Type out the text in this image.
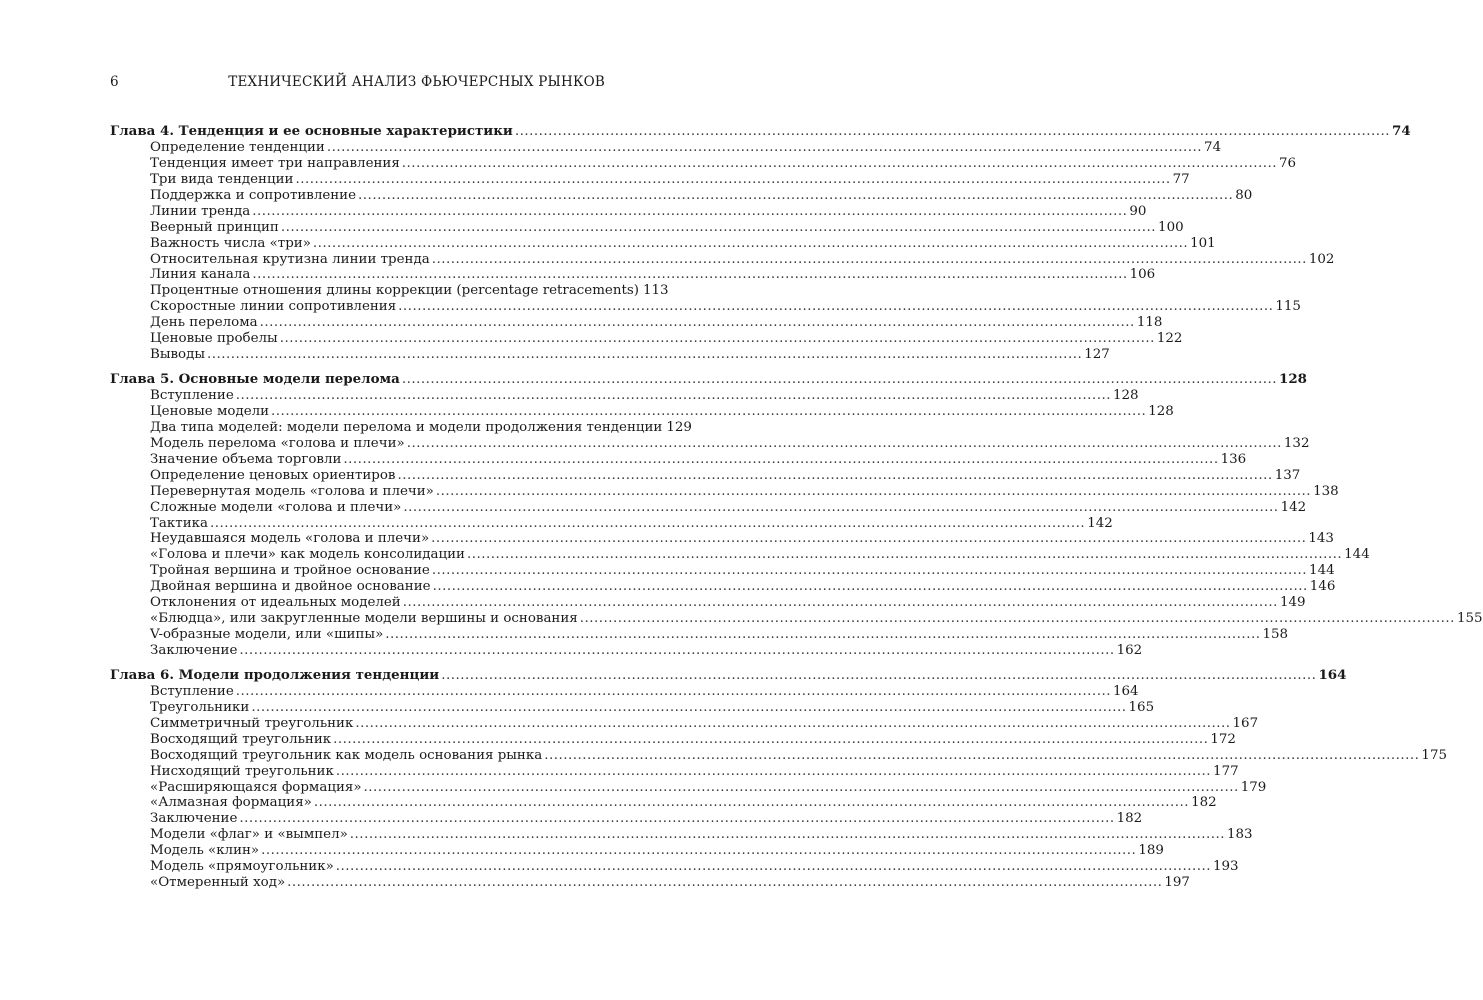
6	ТЕХНИЧЕСКИЙ АНАЛИЗ ФЬЮЧЕРСНЫХ РЫНКОВ
Глава 4. Тенденция и ее основные характеристики .....	74
Определение тенденции .....	74
Тенденция имеет три направления .....	76
Три вида тенденции .....	77
Поддержка и сопротивление .....	80
Линии тренда .....	90
Веерный принцип .....	100
Важность числа «три» .....	101
Относительная крутизна линии тренда .....	102
Линия канала .....	106
Процентные отношения длины коррекции (percentage retracements) 113
Скоростные линии сопротивления .....	115
День перелома .....	118
Ценовые пробелы .....	122
Выводы .....	127
Глава 5. Основные модели перелома .....	128
Вступление .....	128
Ценовые модели .....	128
Два типа моделей: модели перелома и модели продолжения тенденции 129
Модель перелома «голова и плечи» .....	132
Значение объема торговли .....	136
Определение ценовых ориентиров .....	137
Перевернутая модель «голова и плечи» .....	138
Сложные модели «голова и плечи» .....	142
Тактика .....	142
Неудавшаяся модель «голова и плечи» .....	143
«Голова и плечи» как модель консолидации .....	144
Тройная вершина и тройное основание .....	144
Двойная вершина и двойное основание .....	146
Отклонения от идеальных моделей .....	149
«Блюдца», или закругленные модели вершины и основания .....	155
V-образные модели, или «шипы» .....	158
Заключение .....	162
Глава 6. Модели продолжения тенденции .....	164
Вступление .....	164
Треугольники .....	165
Симметричный треугольник .....	167
Восходящий треугольник .....	172
Восходящий треугольник как модель основания рынка .....	175
Нисходящий треугольник .....	177
«Расширяющаяся формация» .....	179
«Алмазная формация» .....	182
Заключение .....	182
Модели «флаг» и «вымпел» .....	183
Модель «клин» .....	189
Модель «прямоугольник» .....	193
«Отмеренный ход» .....	197
